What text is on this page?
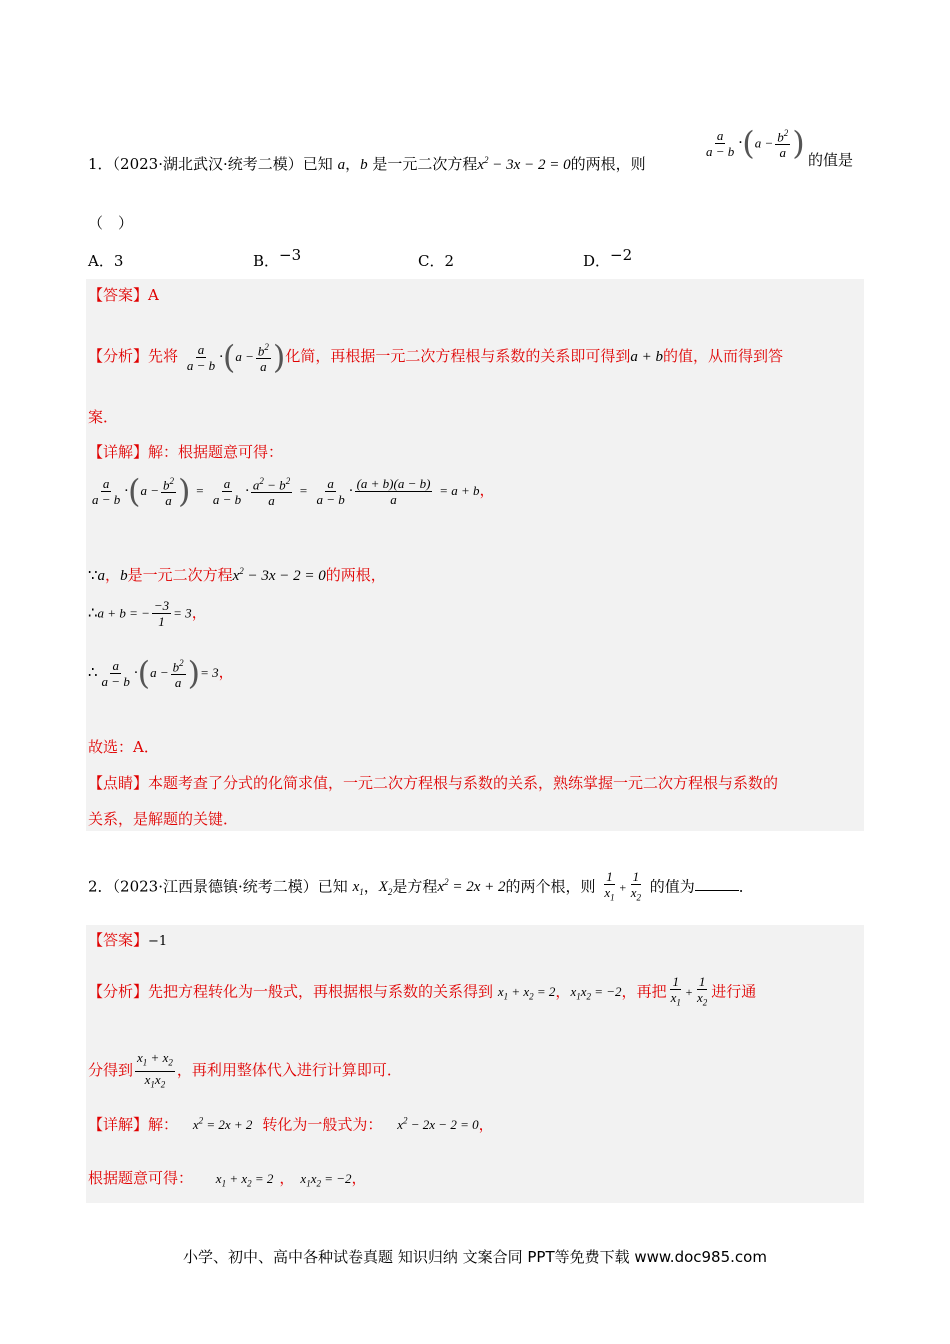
1．（2023·湖北武汉·统考二模）已知 a，b 是一元二次方程$x^2 - 3x - 2 = 0$的两根，则
$\frac{a}{a - b} \cdot(a - \frac{b^2}{a}$ ) 的值是
（　）
A．3	B．−3	C．2	D．−2
【答案】A
【分析】先将 $\frac{a}{a - b} \cdot(a - \frac{b^2}{a}$ )化简，再根据一元二次方程根与系数的关系即可得到a + b的值，从而得到答
案．
【详解】解：根据题意可得：
$\frac{a}{a - b} \cdot(a - \frac{b^2}{a}$ ) = $\frac{a}{a - b} \cdot \frac{a^2 - b^2}{a} = \frac{a}{a - b} \cdot \frac{(a + b)(a - b)}{a} = a + b$，
∵a，b是一元二次方程$x^2 - 3x - 2 = 0$的两根，
∴a + b = − $\frac{-3}{1} = 3$，
∴ $\frac{a}{a - b} \cdot(a - \frac{b^2}{a}$ )= 3，
故选：A．
【点睛】本题考查了分式的化简求值，一元二次方程根与系数的关系，熟练掌握一元二次方程根与系数的
关系，是解题的关键．
2．（2023·江西景德镇·统考二模）已知 $x_1$，$X_2$是方程$x^2 = 2x + 2$的两个根，则 $\frac{1}{x_1} + \frac{1}{x_2}$ 的值为	．
【答案】−1
【分析】先把方程转化为一般式，再根据根与系数的关系得到 $x_1 + x_2 = 2$，$x_1x_2 = -2$，再把 $\frac{1}{x_1} + \frac{1}{x_2}$ 进行通
分得到 $\frac{x_1 + x_2}{x_1x_2}$ ，再利用整体代入进行计算即可．
【详解】解： $x^2 = 2x + 2$ 转化为一般式为： $x^2 - 2x - 2 = 0$，
根据题意可得： $x_1 + x_2 = 2$ ， $x_1x_2 = -2$，
小学、初中、高中各种试卷真题 知识归纳 文案合同 PPT等免费下载 www.doc985.com
